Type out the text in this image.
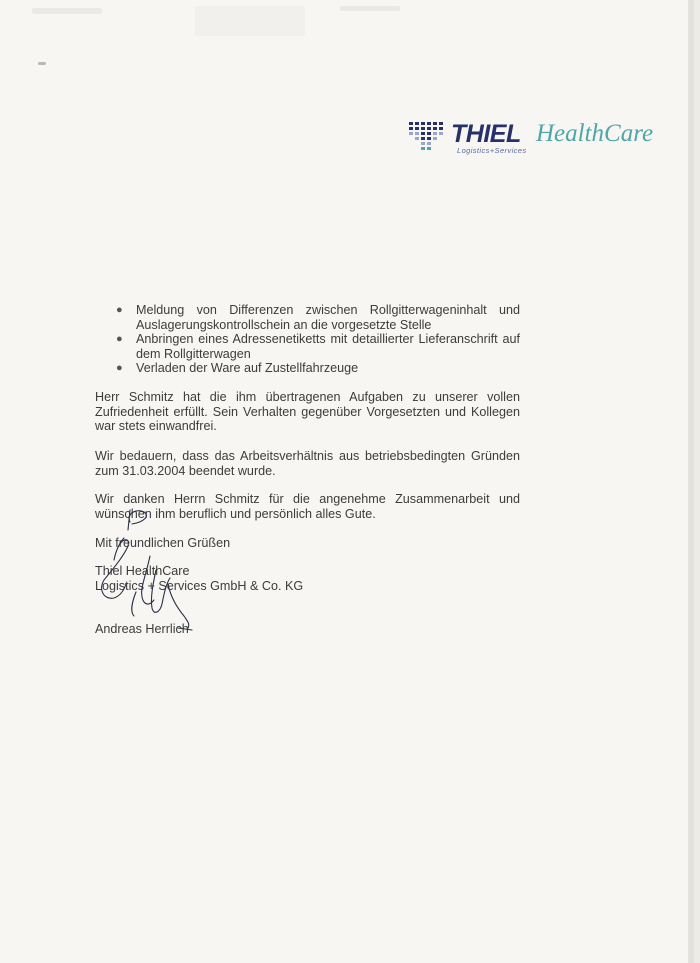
THIEL HealthCare
Logistics+Services
● Meldung von Differenzen zwischen Rollgitterwageninhalt und Auslagerungskontrollschein an die vorgesetzte Stelle
● Anbringen eines Adressenetiketts mit detaillierter Lieferanschrift auf dem Rollgitterwagen
● Verladen der Ware auf Zustellfahrzeuge
Herr Schmitz hat die ihm übertragenen Aufgaben zu unserer vollen Zufriedenheit erfüllt. Sein Verhalten gegenüber Vorgesetzten und Kollegen war stets einwandfrei.
Wir bedauern, dass das Arbeitsverhältnis aus betriebsbedingten Gründen zum 31.03.2004 beendet wurde.
Wir danken Herrn Schmitz für die angenehme Zusammenarbeit und wünschen ihm beruflich und persönlich alles Gute.
Mit freundlichen Grüßen
Thiel HealthCare
Logistics + Services GmbH & Co. KG
Andreas Herrlich
